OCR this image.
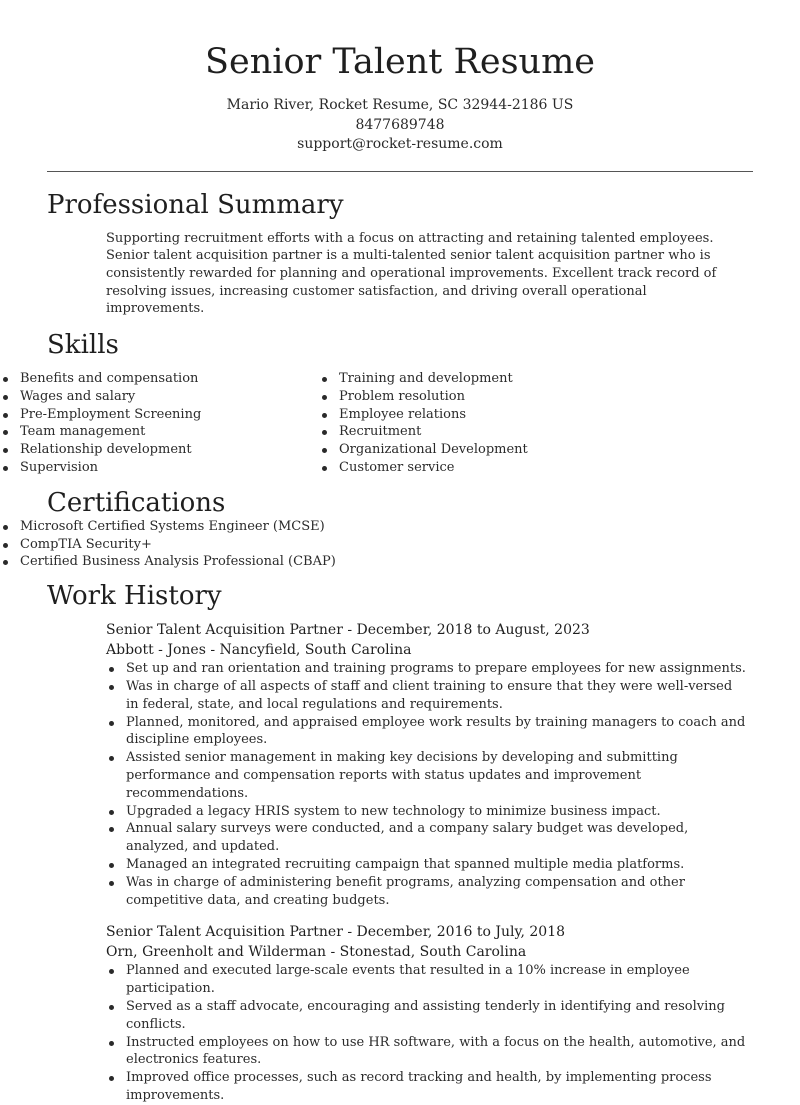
Senior Talent Resume
Mario River, Rocket Resume, SC 32944-2186 US
8477689748
support@rocket-resume.com
Professional Summary

Supporting recruitment efforts with a focus on attracting and retaining talented employees. Senior talent acquisition partner is a multi-talented senior talent acquisition partner who is consistently rewarded for planning and operational improvements. Excellent track record of resolving issues, increasing customer satisfaction, and driving overall operational improvements.

Skills
Benefits and compensation
Wages and salary
Pre-Employment Screening
Team management
Relationship development
Supervision
Training and development
Problem resolution
Employee relations
Recruitment
Organizational Development
Customer service
Certifications
Microsoft Certified Systems Engineer (MCSE)
CompTIA Security+
Certified Business Analysis Professional (CBAP)
Work History
Senior Talent Acquisition Partner - December, 2018 to August, 2023
Abbott - Jones - Nancyfield, South Carolina
Set up and ran orientation and training programs to prepare employees for new assignments.
Was in charge of all aspects of staff and client training to ensure that they were well-versed in federal, state, and local regulations and requirements.
Planned, monitored, and appraised employee work results by training managers to coach and discipline employees.
Assisted senior management in making key decisions by developing and submitting performance and compensation reports with status updates and improvement recommendations.
Upgraded a legacy HRIS system to new technology to minimize business impact.
Annual salary surveys were conducted, and a company salary budget was developed, analyzed, and updated.
Managed an integrated recruiting campaign that spanned multiple media platforms.
Was in charge of administering benefit programs, analyzing compensation and other competitive data, and creating budgets.
Senior Talent Acquisition Partner - December, 2016 to July, 2018
Orn, Greenholt and Wilderman - Stonestad, South Carolina
Planned and executed large-scale events that resulted in a 10% increase in employee participation.
Served as a staff advocate, encouraging and assisting tenderly in identifying and resolving conflicts.
Instructed employees on how to use HR software, with a focus on the health, automotive, and electronics features.
Improved office processes, such as record tracking and health, by implementing process improvements.
